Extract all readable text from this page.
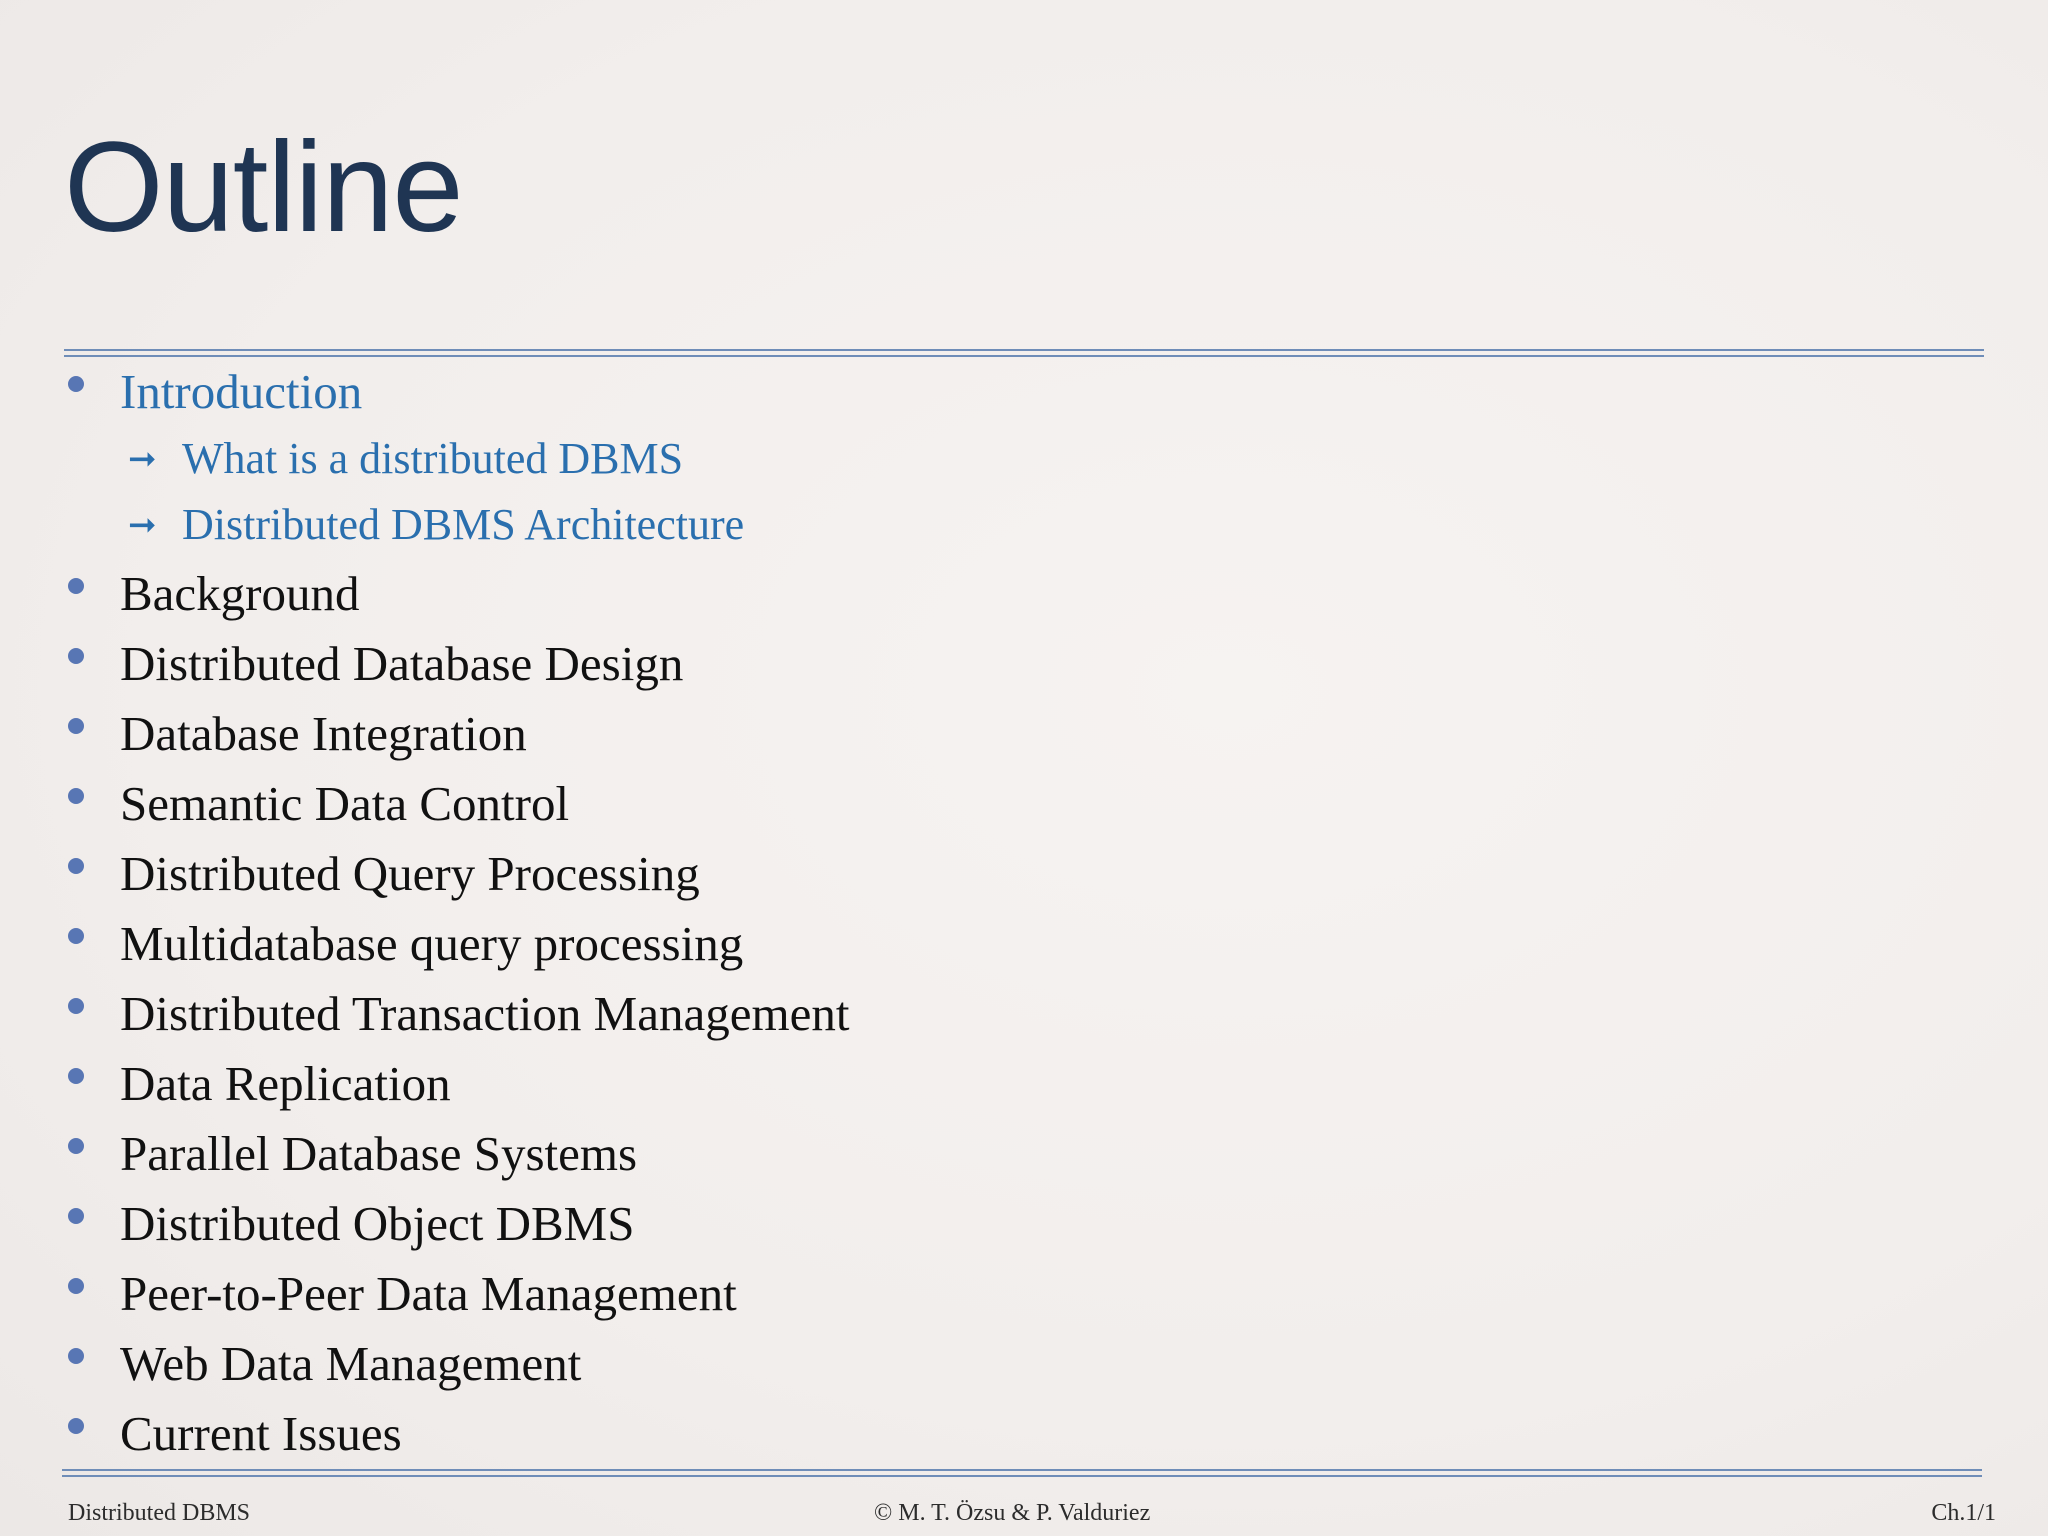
Outline
Introduction
➞ What is a distributed DBMS
➞ Distributed DBMS Architecture
Background
Distributed Database Design
Database Integration
Semantic Data Control
Distributed Query Processing
Multidatabase query processing
Distributed Transaction Management
Data Replication
Parallel Database Systems
Distributed Object DBMS
Peer-to-Peer Data Management
Web Data Management
Current Issues
Distributed DBMS	© M. T. Özsu & P. Valduriez	Ch.1/1
